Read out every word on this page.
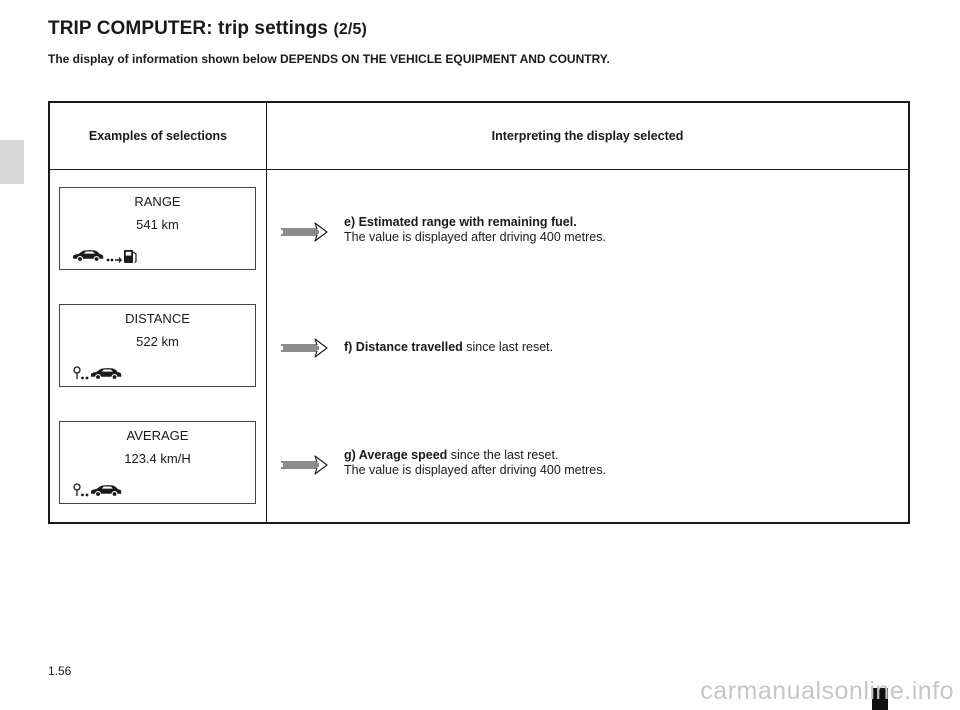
TRIP COMPUTER: trip settings (2/5)

The display of information shown below DEPENDS ON THE VEHICLE EQUIPMENT AND COUNTRY.

Examples of selections	Interpreting the display selected
RANGE
541 km	e) Estimated range with remaining fuel.
The value is displayed after driving 400 metres.
DISTANCE
522 km	f) Distance travelled since last reset.
AVERAGE
123.4 km/H	g) Average speed since the last reset.
The value is displayed after driving 400 metres.
1.56
carmanualsonline.info
